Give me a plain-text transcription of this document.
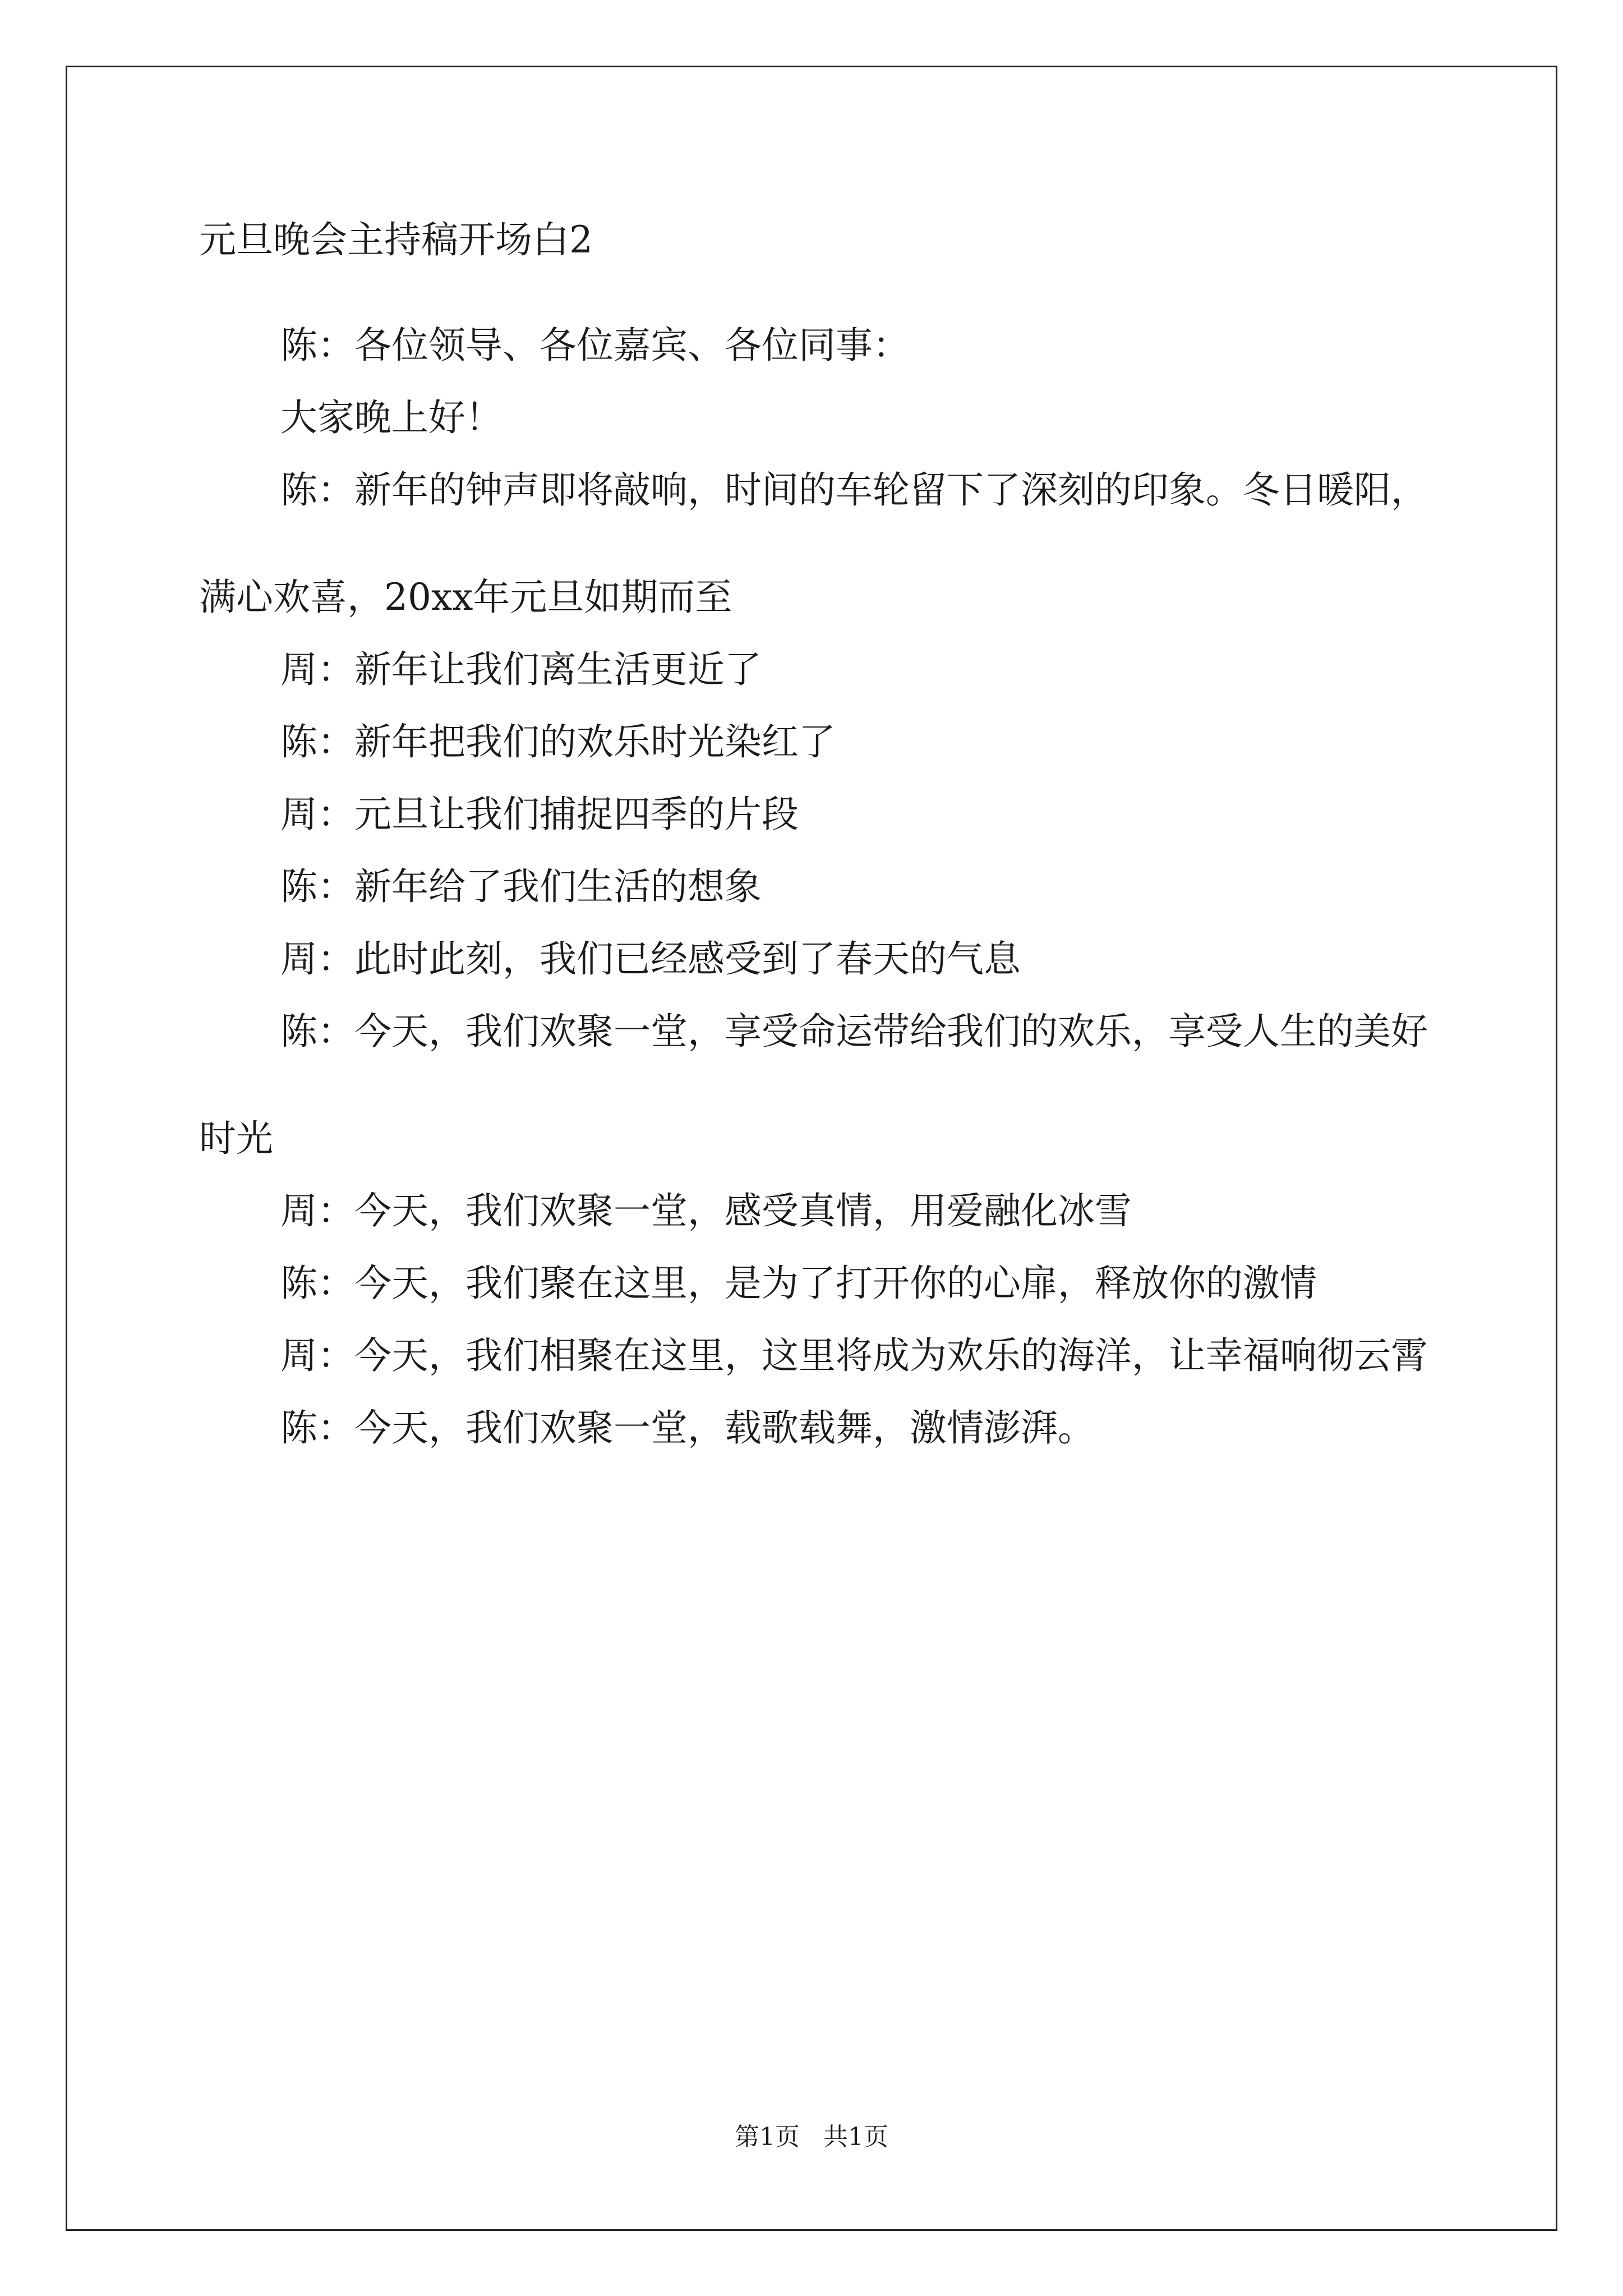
元旦晚会主持稿开场白2

陈：各位领导、各位嘉宾、各位同事：

大家晚上好！

陈：新年的钟声即将敲响，时间的车轮留下了深刻的印象。冬日暖阳，满心欢喜，20xx年元旦如期而至

周：新年让我们离生活更近了

陈：新年把我们的欢乐时光染红了

周：元旦让我们捕捉四季的片段

陈：新年给了我们生活的想象

周：此时此刻，我们已经感受到了春天的气息

陈：今天，我们欢聚一堂，享受命运带给我们的欢乐，享受人生的美好时光

周：今天，我们欢聚一堂，感受真情，用爱融化冰雪

陈：今天，我们聚在这里，是为了打开你的心扉，释放你的激情

周：今天，我们相聚在这里，这里将成为欢乐的海洋，让幸福响彻云霄

陈：今天，我们欢聚一堂，载歌载舞，激情澎湃。

第1页   共1页
